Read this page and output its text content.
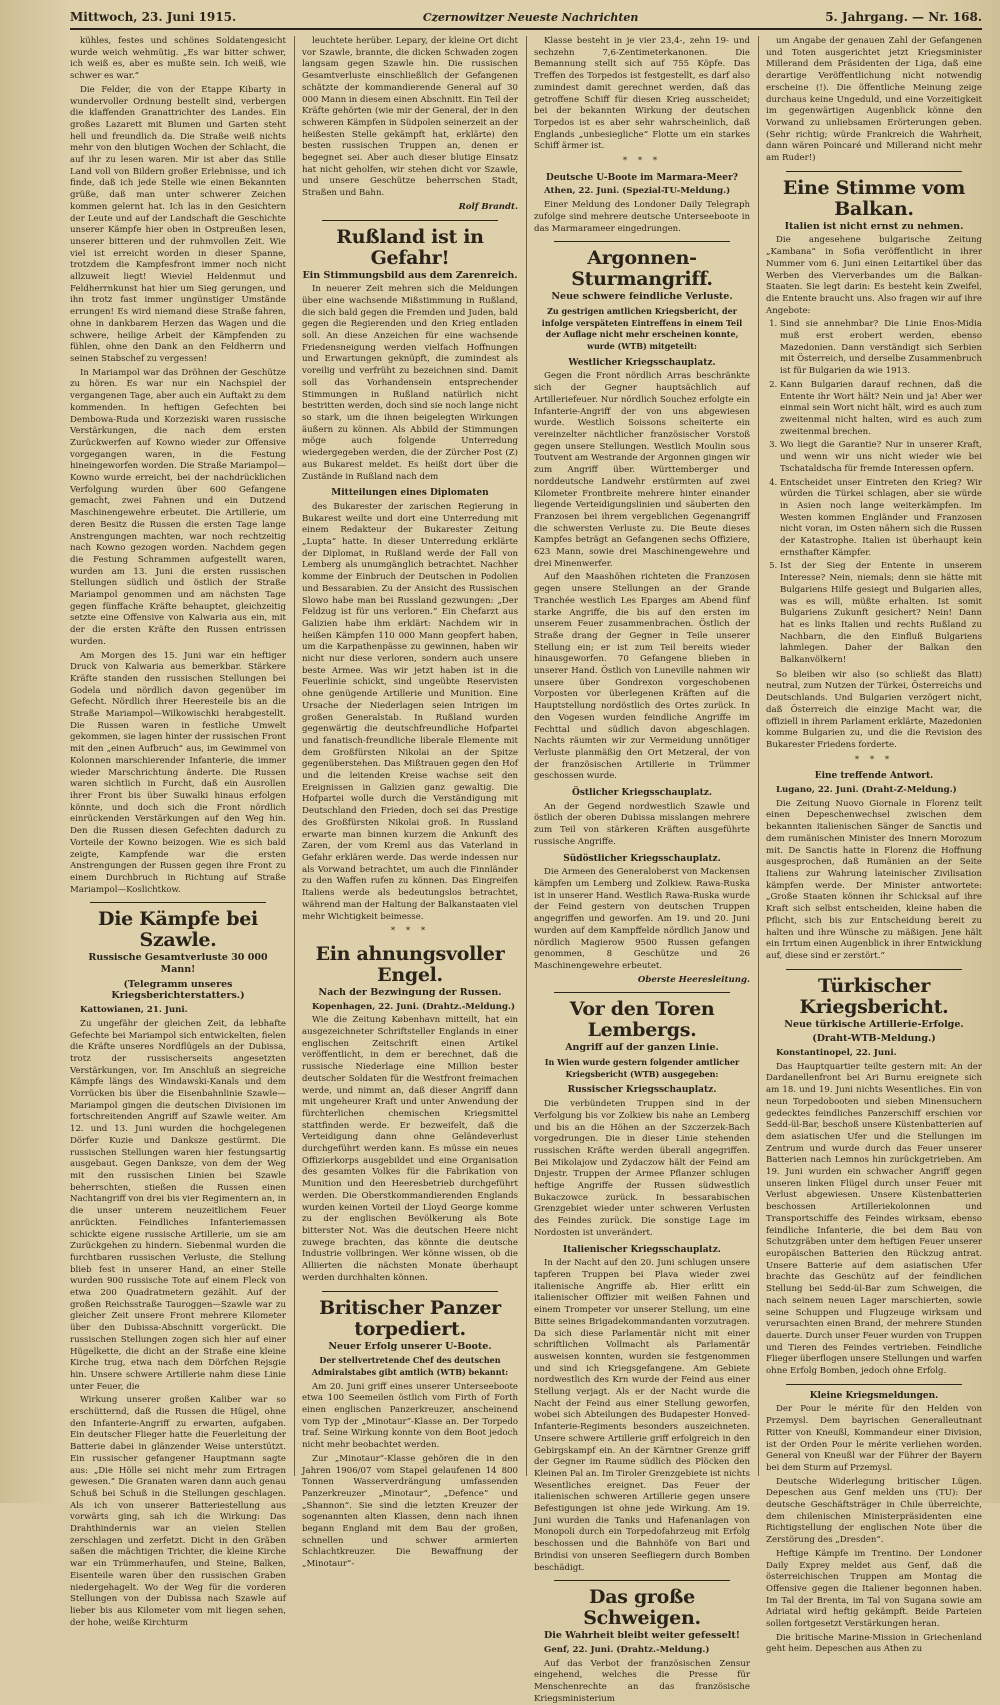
Mittwoch, 23. Juni 1915.	Czernowitzer Neueste Nachrichten	5. Jahrgang. — Nr. 168.

kühles, festes und schönes Soldatengesicht wurde weich wehmütig. „Es war bitter schwer, ich weiß es, aber es mußte sein. Ich weiß, wie schwer es war.“

Die Felder, die von der Etappe Kibarty in wundervoller Ordnung bestellt sind, verbergen die klaffenden Granattrichter des Landes. Ein großes Lazarett mit Blumen und Garten steht hell und freundlich da. Die Straße weiß nichts mehr von den blutigen Wochen der Schlacht, die auf ihr zu lesen waren. Mir ist aber das Stille Land voll von Bildern großer Erlebnisse, und ich finde, daß ich jede Stelle wie einen Bekannten grüße, daß man unter schwerer Zeichen kommen gelernt hat. Ich las in den Gesichtern der Leute und auf der Landschaft die Geschichte unserer Kämpfe hier oben in Ostpreußen lesen, unserer bitteren und der ruhmvollen Zeit. Wie viel ist erreicht worden in dieser Spanne, trotzdem die Kampfesfront immer noch nicht allzuweit liegt! Wieviel Heldenmut und Feldherrnkunst hat hier um Sieg gerungen, und ihn trotz fast immer ungünstiger Umstände errungen! Es wird niemand diese Straße fahren, ohne in dankbarem Herzen das Wagen und die schwere, heilige Arbeit der Kämpfenden zu fühlen, ohne den Dank an den Feldherrn und seinen Stabschef zu vergessen!

In Mariampol war das Dröhnen der Geschütze zu hören. Es war nur ein Nachspiel der vergangenen Tage, aber auch ein Auftakt zu dem kommenden. In heftigen Gefechten bei Dembowa-Ruda und Korzeziski waren russische Verstärkungen, die nach dem ersten Zurückwerfen auf Kowno wieder zur Offensive vorgegangen waren, in die Festung hineingeworfen worden. Die Straße Mariampol—Kowno wurde erreicht, bei der nachdrücklichen Verfolgung wurden über 600 Gefangene gemacht, zwei Fahnen und ein Dutzend Maschinengewehre erbeutet. Die Artillerie, um deren Besitz die Russen die ersten Tage lange Anstrengungen machten, war noch rechtzeitig nach Kowno gezogen worden. Nachdem gegen die Festung Schrammen aufgestellt waren, wurden am 13. Juni die ersten russischen Stellungen südlich und östlich der Straße Mariampol genommen und am nächsten Tage gegen fünffache Kräfte behauptet, gleichzeitig setzte eine Offensive von Kalwaria aus ein, mit der die ersten Kräfte den Russen entrissen wurden.

Am Morgen des 15. Juni war ein heftiger Druck von Kalwaria aus bemerkbar. Stärkere Kräfte standen den russischen Stellungen bei Godela und nördlich davon gegenüber im Gefecht. Nördlich ihrer Heeresteile bis an die Straße Mariampol—Wilkowischki herabgestellt. Die Russen waren in festliche Umwelt gekommen, sie lagen hinter der russischen Front mit den „einen Aufbruch“ aus, im Gewimmel von Kolonnen marschierender Infanterie, die immer wieder Marschrichtung änderte. Die Russen waren sichtlich in Furcht, daß ein Ausrollen ihrer Front bis über Suwalki hinaus erfolgen könnte, und doch sich die Front nördlich einrückenden Verstärkungen auf den Weg hin. Den die Russen diesen Gefechten dadurch zu Vorteile der Kowno beizogen. Wie es sich bald zeigte, Kampfende war die ersten Anstrengungen der Russen gegen ihre Front zu einem Durchbruch in Richtung auf Straße Mariampol—Koslichtkow.

Die Kämpfe bei Szawle.
Russische Gesamtverluste 30 000 Mann!
(Telegramm unseres Kriegsberichterstatters.)

Kattowianen, 21. Juni.

Zu ungefähr der gleichen Zeit, da lebhafte Gefechte bei Mariampol sich entwickelten, fielen die Kräfte unseres Nordflügels an der Dubissa, trotz der russischerseits angesetzten Verstärkungen, vor. Im Anschluß an siegreiche Kämpfe längs des Windawski-Kanals und dem Vorrücken bis über die Eisenbahnlinie Szawle—Mariampol gingen die deutschen Divisionen im fortschreitenden Angriff auf Szawle weiter. Am 12. und 13. Juni wurden die hochgelegenen Dörfer Kuzie und Danksze gestürmt. Die russischen Stellungen waren hier festungsartig ausgebaut. Gegen Danksze, von dem der Weg mit den russischen Linien bei Szawle beherrschten, stießen die Russen einen Nachtangriff von drei bis vier Regimentern an, in die unser unterem neuzeitlichem Feuer anrückten. Feindliches Infanteriemassen schickte eigene russische Artillerie, um sie am Zurückgehen zu hindern. Siebenmal wurden die furchtbaren russischen Verluste, die Stellung blieb fest in unserer Hand, an einer Stelle wurden 900 russische Tote auf einem Fleck von etwa 200 Quadratmetern gezählt. Auf der großen Reichsstraße Tauroggen—Szawle war zu gleicher Zeit unsere Front mehrere Kilometer über den Dubissa-Abschnitt vorgerückt. Die russischen Stellungen zogen sich hier auf einer Hügelkette, die dicht an der Straße eine kleine Kirche trug, etwa nach dem Dörfchen Rejsgie hin. Unsere schwere Artillerie nahm diese Linie unter Feuer, die

Wirkung unserer großen Kaliber war so erschütternd, daß die Russen die Hügel, ohne den Infanterie-Angriff zu erwarten, aufgaben. Ein deutscher Flieger hatte die Feuerleitung der Batterie dabei in glänzender Weise unterstützt. Ein russischer gefangener Hauptmann sagte aus: „Die Hölle sei nicht mehr zum Ertragen gewesen.“ Die Granaten waren dann auch genau Schuß bei Schuß in die Stellungen geschlagen. Als ich von unserer Batteriestellung aus vorwärts ging, sah ich die Wirkung: Das Drahthindernis war an vielen Stellen zerschlagen und zerfetzt. Dicht in den Gräben saßen die mächtigen Trichter, die kleine Kirche war ein Trümmerhaufen, und Steine, Balken, Eisenteile waren über den russischen Graben niedergehagelt. Wo der Weg für die vorderen Stellungen von der Dubissa nach Szawle auf lieber bis aus Kilometer vom mit liegen sehen, der hohe, weiße Kirchturm

leuchtete herüber. Lepary, der kleine Ort dicht vor Szawle, brannte, die dicken Schwaden zogen langsam gegen Szawle hin. Die russischen Gesamtverluste einschließlich der Gefangenen schätzte der kommandierende General auf 30 000 Mann in diesem einen Abschnitt. Ein Teil der Kräfte gehörten (wie mir der General, der in den schweren Kämpfen in Südpolen seinerzeit an der heißesten Stelle gekämpft hat, erklärte) den besten russischen Truppen an, denen er begegnet sei. Aber auch dieser blutige Einsatz hat nicht geholfen, wir stehen dicht vor Szawle, und unsere Geschütze beherrschen Stadt, Straßen und Bahn.

Rolf Brandt.
Rußland ist in Gefahr!
Ein Stimmungsbild aus dem Zarenreich.

In neuerer Zeit mehren sich die Meldungen über eine wachsende Mißstimmung in Rußland, die sich bald gegen die Fremden und Juden, bald gegen die Regierenden und den Krieg entladen soll. An diese Anzeichen für eine wachsende Friedensneigung werden vielfach Hoffnungen und Erwartungen geknüpft, die zumindest als voreilig und verfrüht zu bezeichnen sind. Damit soll das Vorhandensein entsprechender Stimmungen in Rußland natürlich nicht bestritten werden, doch sind sie noch lange nicht so stark, um die ihnen beigelegten Wirkungen äußern zu können. Als Abbild der Stimmungen möge auch folgende Unterredung wiedergegeben werden, die der Zürcher Post (Z) aus Bukarest meldet. Es heißt dort über die Zustände in Rußland nach dem

Mitteilungen eines Diplomaten

des Bukarester der zarischen Regierung in Bukarest weilte und dort eine Unterredung mit einem Redakteur der Bukarester Zeitung „Lupta“ hatte. In dieser Unterredung erklärte der Diplomat, in Rußland werde der Fall von Lemberg als unumgänglich betrachtet. Nachher komme der Einbruch der Deutschen in Podolien und Bessarabien. Zu der Ansicht des Russischen Slowo habe man bei Russland gezwungen: „Der Feldzug ist für uns verloren.“ Ein Chefarzt aus Galizien habe ihm erklärt: Nachdem wir in heißen Kämpfen 110 000 Mann geopfert haben, um die Karpathenpässe zu gewinnen, haben wir nicht nur diese verloren, sondern auch unsere beste Armee. Was wir jetzt haben ist in die Feuerlinie schickt, sind ungeübte Reservisten ohne genügende Artillerie und Munition. Eine Ursache der Niederlagen seien Intrigen im großen Generalstab. In Rußland wurden gegenwärtig die deutschfreundliche Hofpartei und fanatisch-freundliche liberale Elemente mit dem Großfürsten Nikolai an der Spitze gegenüberstehen. Das Mißtrauen gegen den Hof und die leitenden Kreise wachse seit den Ereignissen in Galizien ganz gewaltig. Die Hofpartei wolle durch die Verständigung mit Deutschland den Frieden, doch sei das Prestige des Großfürsten Nikolai groß. In Russland erwarte man binnen kurzem die Ankunft des Zaren, der vom Kreml aus das Vaterland in Gefahr erklären werde. Das werde indessen nur als Vorwand betrachtet, um auch die Finnländer zu den Waffen rufen zu können. Das Eingreifen Italiens werde als bedeutungslos betrachtet, während man der Haltung der Balkanstaaten viel mehr Wichtigkeit beimesse.

* * *
Ein ahnungsvoller Engel.
Nach der Bezwingung der Russen.

Kopenhagen, 22. Juni. (Drahtz.-Meldung.)

Wie die Zeitung København mitteilt, hat ein ausgezeichneter Schriftsteller Englands in einer englischen Zeitschrift einen Artikel veröffentlicht, in dem er berechnet, daß die russische Niederlage eine Million bester deutscher Soldaten für die Westfront freimachen werde, und nimmt an, daß dieser Angriff dann mit ungeheurer Kraft und unter Anwendung der fürchterlichen chemischen Kriegsmittel stattfinden werde. Er bezweifelt, daß die Verteidigung dann ohne Geländeverlust durchgeführt werden kann. Es müsse ein neues Offizierkorps ausgebildet und eine Organisation des gesamten Volkes für die Fabrikation von Munition und den Heeresbetrieb durchgeführt werden. Die Oberstkommandierenden Englands wurden keinen Vorteil der Lloyd George komme zu der englischen Bevölkerung als Bote bitterster Not. Was die deutschen Heere nicht zuwege brachten, das könnte die deutsche Industrie vollbringen. Wer könne wissen, ob die Alliierten die nächsten Monate überhaupt werden durchhalten können.

Britischer Panzer torpediert.
Neuer Erfolg unserer U-Boote.
Der stellvertretende Chef des deutschen Admiralstabes gibt amtlich (WTB) bekannt:

Am 20. Juni griff eines unserer Unterseeboote etwa 100 Seemeilen östlich vom Firth of Forth einen englischen Panzerkreuzer, anscheinend vom Typ der „Minotaur“-Klasse an. Der Torpedo traf. Seine Wirkung konnte von dem Boot jedoch nicht mehr beobachtet werden.

Zur „Minotaur“-Klasse gehören die in den Jahren 1906/07 vom Stapel gelaufenen 14 800 Tonnen Wasserverdrängung umfassenden Panzerkreuzer „Minotaur“, „Defence“ und „Shannon“. Sie sind die letzten Kreuzer der sogenannten alten Klassen, denn nach ihnen begann England mit dem Bau der großen, schnellen und schwer armierten Schlachtkreuzer. Die Bewaffnung der „Minotaur“-

Klasse besteht in je vier 23,4-, zehn 19- und sechzehn 7,6-Zentimeterkanonen. Die Bemannung stellt sich auf 755 Köpfe. Das Treffen des Torpedos ist festgestellt, es darf also zumindest damit gerechnet werden, daß das getroffene Schiff für diesen Krieg ausscheidet; bei der bekannten Wirkung der deutschen Torpedos ist es aber sehr wahrscheinlich, daß Englands „unbesiegliche“ Flotte um ein starkes Schiff ärmer ist.

* * *
Deutsche U-Boote im Marmara-Meer?

Athen, 22. Juni. (Spezial-TU-Meldung.)

Einer Meldung des Londoner Daily Telegraph zufolge sind mehrere deutsche Unterseeboote in das Marmarameer eingedrungen.

Argonnen-Sturmangriff.
Neue schwere feindliche Verluste.
Zu gestrigen amtlichen Kriegsbericht, der infolge verspäteten Eintreffens in einem Teil der Auflage nicht mehr erscheinen konnte, wurde (WTB) mitgeteilt:
Westlicher Kriegsschauplatz.

Gegen die Front nördlich Arras beschränkte sich der Gegner hauptsächlich auf Artilleriefeuer. Nur nördlich Souchez erfolgte ein Infanterie-Angriff der von uns abgewiesen wurde. Westlich Soissons scheiterte ein vereinzelter nächtlicher französischer Vorstoß gegen unsere Stellungen. Westlich Moulin sous Toutvent am Westrande der Argonnen gingen wir zum Angriff über. Württemberger und norddeutsche Landwehr erstürmten auf zwei Kilometer Frontbreite mehrere hinter einander liegende Verteidigungslinien und säuberten den Franzosen bei ihrem vergeblichen Gegenangriff die schwersten Verluste zu. Die Beute dieses Kampfes beträgt an Gefangenen sechs Offiziere, 623 Mann, sowie drei Maschinengewehre und drei Minenwerfer.

Auf den Maashöhen richteten die Franzosen gegen unsere Stellungen an der Grande Tranchée westlich Les Eparges am Abend fünf starke Angriffe, die bis auf den ersten im unserem Feuer zusammenbrachen. Östlich der Straße drang der Gegner in Teile unserer Stellung ein; er ist zum Teil bereits wieder hinausgeworfen. 70 Gefangene blieben in unserer Hand. Östlich von Luneville nahmen wir unsere über Gondrexon vorgeschobenen Vorposten vor überlegenen Kräften auf die Hauptstellung nordöstlich des Ortes zurück. In den Vogesen wurden feindliche Angriffe im Fechttal und südlich davon abgeschlagen. Nachts räumten wir zur Vermeidung unnötiger Verluste planmäßig den Ort Metzeral, der von der französischen Artillerie in Trümmer geschossen wurde.

Östlicher Kriegsschauplatz.

An der Gegend nordwestlich Szawle und östlich der oberen Dubissa misslangen mehrere zum Teil von stärkeren Kräften ausgeführte russische Angriffe.

Südöstlicher Kriegsschauplatz.

Die Armeen des Generaloberst von Mackensen kämpfen um Lemberg und Zolkiew. Rawa-Ruska ist in unserer Hand. Westlich Rawa-Ruska wurde der Feind gestern von deutschen Truppen angegriffen und geworfen. Am 19. und 20. Juni wurden auf dem Kampffelde nördlich Janow und nördlich Magierow 9500 Russen gefangen genommen, 8 Geschütze und 26 Maschinengewehre erbeutet.

Oberste Heeresleitung.
Vor den Toren Lembergs.
Angriff auf der ganzen Linie.
In Wien wurde gestern folgender amtlicher Kriegsbericht (WTB) ausgegeben:
Russischer Kriegsschauplatz.

Die verbündeten Truppen sind in der Verfolgung bis vor Zolkiew bis nahe an Lemberg und bis an die Höhen an der Szczerzek-Bach vorgedrungen. Die in dieser Linie stehenden russischen Kräfte werden überall angegriffen. Bei Mikolajow und Zydaczow hält der Feind am Dnjestr. Truppen der Armee Pflanzer schlugen heftige Angriffe der Russen südwestlich Bukaczowce zurück. In bessarabischen Grenzgebiet wieder unter schweren Verlusten des Feindes zurück. Die sonstige Lage im Nordosten ist unverändert.

Italienischer Kriegsschauplatz.

In der Nacht auf den 20. Juni schlugen unsere tapferen Truppen bei Plava wieder zwei italienische Angriffe ab. Hier erlitt ein italienischer Offizier mit weißen Fahnen und einem Trompeter vor unserer Stellung, um eine Bitte seines Brigadekommandanten vorzutragen. Da sich diese Parlamentär nicht mit einer schriftlichen Vollmacht als Parlamentär ausweisen konnten, wurden sie festgenommen und sind ich Kriegsgefangene. Am Gebiete nordwestlich des Krn wurde der Feind aus einer Stellung verjagt. Als er der Nacht wurde die Nacht der Feind aus einer Stellung geworfen, wobei sich Abteilungen des Budapester Honved-Infanterie-Regiments besonders auszeichneten. Unsere schwere Artillerie griff erfolgreich in den Gebirgskampf ein. An der Kärntner Grenze griff der Gegner im Raume südlich des Plöcken den Kleinen Pal an. Im Tiroler Grenzgebiete ist nichts Wesentliches ereignet. Das Feuer der italienischen schweren Artillerie gegen unsere Befestigungen ist ohne jede Wirkung. Am 19. Juni wurden die Tanks und Hafenanlagen von Monopoli durch ein Torpedofahrzeug mit Erfolg beschossen und die Bahnhöfe von Bari und Brindisi von unseren Seefliegern durch Bomben beschädigt.

Das große Schweigen.
Die Wahrheit bleibt weiter gefesselt!

Genf, 22. Juni. (Drahtz.-Meldung.)

Auf das Verbot der französischen Zensur eingehend, welches die Presse für Menschenrechte an das französische Kriegsministerium

um Angabe der genauen Zahl der Gefangenen und Toten ausgerichtet jetzt Kriegsminister Millerand dem Präsidenten der Liga, daß eine derartige Veröffentlichung nicht notwendig erscheine (!). Die öffentliche Meinung zeige durchaus keine Ungeduld, und eine Vorzeitigkeit im gegenwärtigen Augenblick könne den Vorwand zu unliebsamen Erörterungen geben. (Sehr richtig; würde Frankreich die Wahrheit, dann wären Poincaré und Millerand nicht mehr am Ruder!)

Eine Stimme vom Balkan.
Italien ist nicht ernst zu nehmen.

Die angesehene bulgarische Zeitung „Kambana“ in Sofia veröffentlicht in ihrer Nummer vom 6. Juni einen Leitartikel über das Werben des Vierverbandes um die Balkan-Staaten. Sie legt darin: Es besteht kein Zweifel, die Entente braucht uns. Also fragen wir auf ihre Angebote:

1. Sind sie annehmbar? Die Linie Enos-Midia muß erst erobert werden, ebenso Mazedonien. Dann verständigt sich Serbien mit Österreich, und derselbe Zusammenbruch ist für Bulgarien da wie 1913.
2. Kann Bulgarien darauf rechnen, daß die Entente ihr Wort hält? Nein und ja! Aber wer einmal sein Wort nicht hält, wird es auch zum zweitenmal nicht halten, wird es auch zum zweitenmal brechen.
3. Wo liegt die Garantie? Nur in unserer Kraft, und wenn wir uns nicht wieder wie bei Tschataldscha für fremde Interessen opfern.
4. Entscheidet unser Eintreten den Krieg? Wir würden die Türkei schlagen, aber sie würde in Asien noch lange weiterkämpfen. Im Westen kommen Engländer und Franzosen nicht voran, im Osten nähern sich die Russen der Katastrophe. Italien ist überhaupt kein ernsthafter Kämpfer.
5. Ist der Sieg der Entente in unserem Interesse? Nein, niemals; denn sie hätte mit Bulgariens Hilfe gesiegt und Bulgarien alles, was es will, müßte erhalten. Ist somit Bulgariens Zukunft gesichert? Nein! Dann hat es links Italien und rechts Rußland zu Nachbarn, die den Einfluß Bulgariens lahmlegen. Daher der Balkan den Balkanvölkern!

So bleiben wir also (so schließt das Blatt) neutral, zum Nutzen der Türkei, Österreichs und Deutschlands. Und Bulgarien verzögert nicht, daß Österreich die einzige Macht war, die offiziell in ihrem Parlament erklärte, Mazedonien komme Bulgarien zu, und die die Revision des Bukarester Friedens forderte.

* * *
Eine treffende Antwort.

Lugano, 22. Juni. (Draht-Z-Meldung.)

Die Zeitung Nuovo Giornale in Florenz teilt einen Depeschenwechsel zwischen dem bekannten italienischen Sänger de Sanctis und dem rumänischen Minister des Innern Morozum mit. De Sanctis hatte in Florenz die Hoffnung ausgesprochen, daß Rumänien an der Seite Italiens zur Wahrung lateinischer Zivilisation kämpfen werde. Der Minister antwortete: „Große Staaten können ihr Schicksal auf ihre Kraft sich selbst entscheiden, kleine haben die Pflicht, sich bis zur Entscheidung bereit zu halten und ihre Wünsche zu mäßigen. Jene hält ein Irrtum einen Augenblick in ihrer Entwicklung auf, diese sind er zerstört.“

Türkischer Kriegsbericht.
Neue türkische Artillerie-Erfolge.
(Draht-WTB-Meldung.)

Konstantinopel, 22. Juni.

Das Hauptquartier teilte gestern mit: An der Dardanellenfront bei Ari Burnu ereignete sich am 18. und 19. Juni nichts Wesentliches. Ein von neun Torpedobooten und sieben Minensuchern gedecktes feindliches Panzerschiff erschien vor Sedd-ül-Bar, beschoß unsere Küstenbatterien auf dem asiatischen Ufer und die Stellungen im Zentrum und wurde durch das Feuer unserer Batterien nach Lemnos hin zurückgetrieben. Am 19. Juni wurden ein schwacher Angriff gegen unseren linken Flügel durch unser Feuer mit Verlust abgewiesen. Unsere Küstenbatterien beschossen Artilleriekolonnen und Transportschiffe des Feindes wirksam, ebenso feindliche Infanterie, die bei dem Bau von Schutzgräben unter dem heftigen Feuer unserer europäischen Batterien den Rückzug antrat. Unsere Batterie auf dem asiatischen Ufer brachte das Geschütz auf der feindlichen Stellung bei Sedd-ül-Bar zum Schweigen, die nach seinem neuen Lager marschierten, sowie seine Schuppen und Flugzeuge wirksam und verursachten einen Brand, der mehrere Stunden dauerte. Durch unser Feuer wurden von Truppen und Tieren des Feindes vertrieben. Feindliche Flieger überflogen unsere Stellungen und warfen ohne Erfolg Bomben, jedoch ohne Erfolg.

Kleine Kriegsmeldungen.

Der Pour le mérite für den Helden von Przemysl. Dem bayrischen Generalleutnant Ritter von Kneußl, Kommandeur einer Division, ist der Orden Pour le mérite verliehen worden. General von Kneußl war der Führer der Bayern bei dem Sturm auf Przemysl.

Deutsche Widerlegung britischer Lügen. Depeschen aus Genf melden uns (TU): Der deutsche Geschäftsträger in Chile überreichte, dem chilenischen Ministerpräsidenten eine Richtigstellung der englischen Note über die Zerstörung des „Dresden“.

Heftige Kämpfe im Trentino. Der Londoner Daily Exprey meldet aus Genf, daß die österreichischen Truppen am Montag die Offensive gegen die Italiener begonnen haben. Im Tal der Brenta, im Tal von Sugana sowie am Adriatal wird heftig gekämpft. Beide Parteien sollen fortgesetzt Verstärkungen heran.

Die britische Marine-Mission in Griechenland geht heim. Depeschen aus Athen zu
